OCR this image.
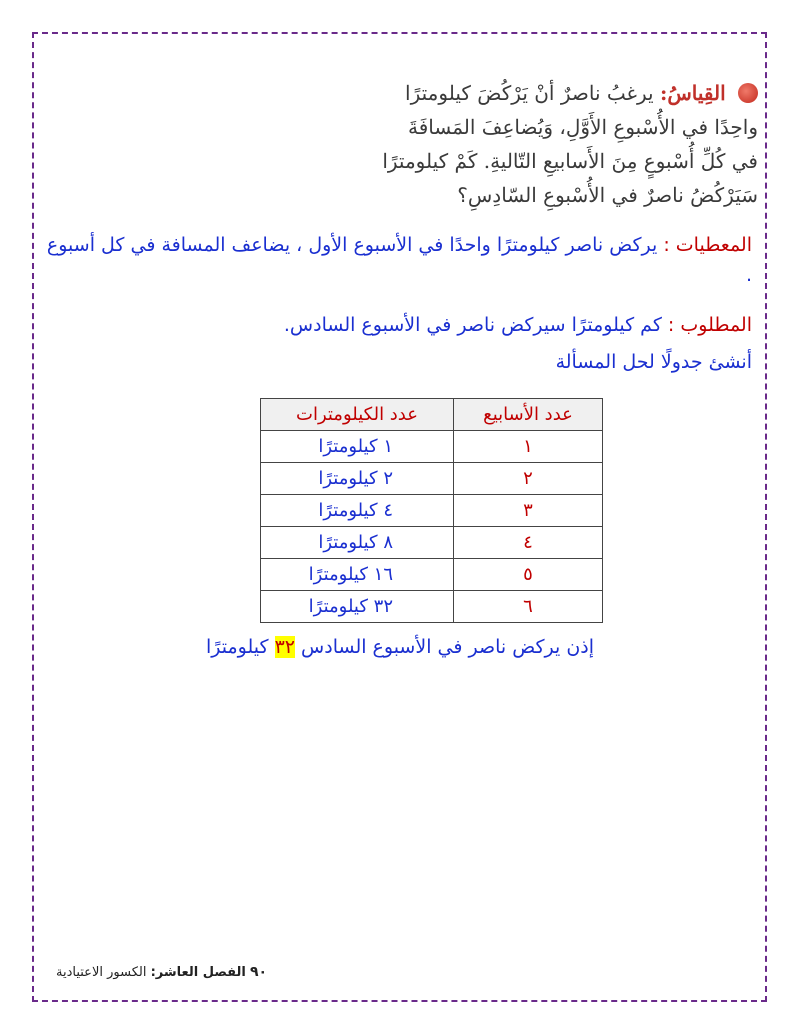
القِياسُ: يرغبُ ناصرٌ أنْ يَرْكُضَ كيلومترًا
واحِدًا في الأُسْبوعِ الأَوَّلِ، وَيُضاعِفَ المَسافَةَ
في كُلِّ أُسْبوعٍ مِنَ الأَسابيعِ التّاليةِ. كَمْ كيلومترًا
سَيَرْكُضُ ناصرٌ في الأُسْبوعِ السّادِسِ؟
المعطيات : يركض ناصر كيلومترًا واحدًا في الأسبوع الأول ، يضاعف المسافة في كل أسبوع .
المطلوب : كم كيلومترًا سيركض ناصر في الأسبوع السادس.
أنشئ جدولًا لحل المسألة
عدد الأسابيع	عدد الكيلومترات
١	١ كيلومترًا
٢	٢ كيلومترًا
٣	٤ كيلومترًا
٤	٨ كيلومترًا
٥	١٦ كيلومترًا
٦	٣٢ كيلومترًا
إذن يركض ناصر في الأسبوع السادس ٣٢ كيلومترًا
الكسور الاعتيادية الفصل العاشر: ٩٠
